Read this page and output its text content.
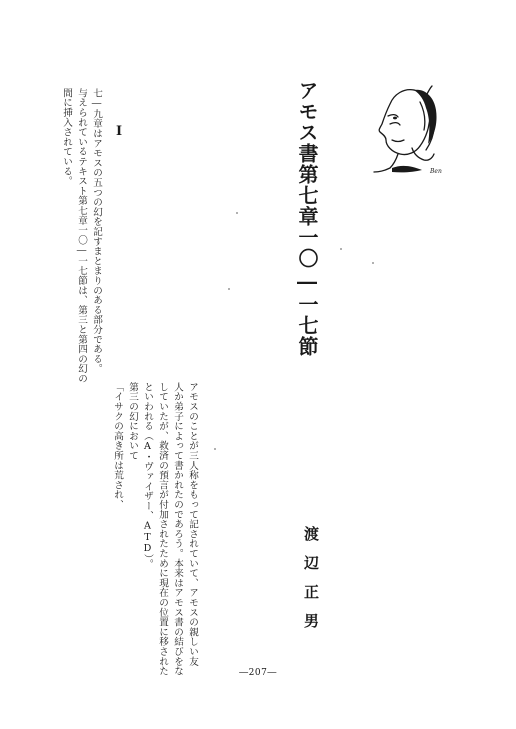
Ben
アモス書第七章一〇―一七節
渡辺正男
I
七―九章はアモスの五つの幻を記すまとまりのある部分である。
与えられているテキスト第七章一〇―一七節は、第三と第四の幻の
間に挿入されている。
アモスのことが三人称をもって記されていて、アモスの親しい友
人か弟子によって書かれたのであろう。本来はアモス書の結びをな
していたが、救済の預言が付加されたために現在の位置に移された
といわれる（A・ヴァイザー、ATD）。
第三の幻において
「イサクの高き所は荒され、
―207―
